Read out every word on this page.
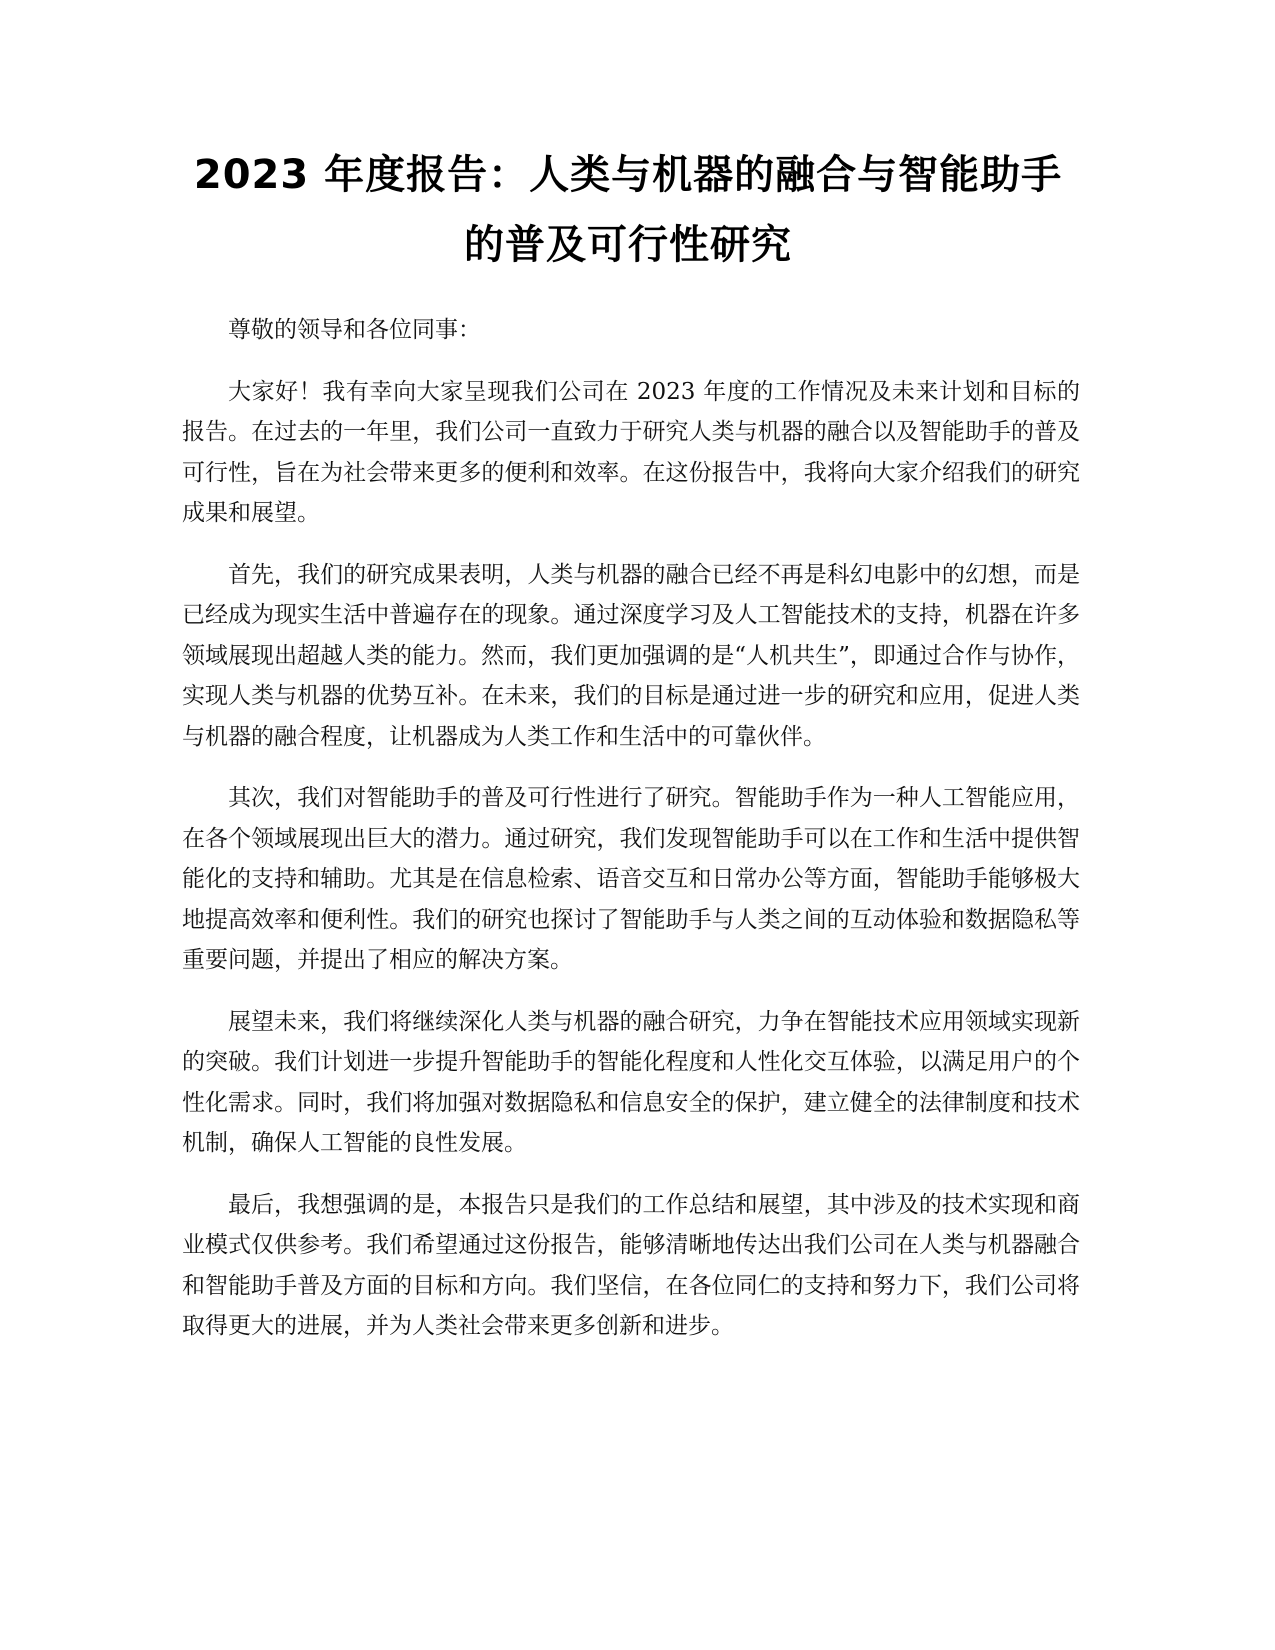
2023 年度报告：人类与机器的融合与智能助手的普及可行性研究

尊敬的领导和各位同事：

大家好！我有幸向大家呈现我们公司在 2023 年度的工作情况及未来计划和目标的报告。在过去的一年里，我们公司一直致力于研究人类与机器的融合以及智能助手的普及可行性，旨在为社会带来更多的便利和效率。在这份报告中，我将向大家介绍我们的研究成果和展望。

首先，我们的研究成果表明，人类与机器的融合已经不再是科幻电影中的幻想，而是已经成为现实生活中普遍存在的现象。通过深度学习及人工智能技术的支持，机器在许多领域展现出超越人类的能力。然而，我们更加强调的是“人机共生”，即通过合作与协作，实现人类与机器的优势互补。在未来，我们的目标是通过进一步的研究和应用，促进人类与机器的融合程度，让机器成为人类工作和生活中的可靠伙伴。

其次，我们对智能助手的普及可行性进行了研究。智能助手作为一种人工智能应用，在各个领域展现出巨大的潜力。通过研究，我们发现智能助手可以在工作和生活中提供智能化的支持和辅助。尤其是在信息检索、语音交互和日常办公等方面，智能助手能够极大地提高效率和便利性。我们的研究也探讨了智能助手与人类之间的互动体验和数据隐私等重要问题，并提出了相应的解决方案。

展望未来，我们将继续深化人类与机器的融合研究，力争在智能技术应用领域实现新的突破。我们计划进一步提升智能助手的智能化程度和人性化交互体验，以满足用户的个性化需求。同时，我们将加强对数据隐私和信息安全的保护，建立健全的法律制度和技术机制，确保人工智能的良性发展。

最后，我想强调的是，本报告只是我们的工作总结和展望，其中涉及的技术实现和商业模式仅供参考。我们希望通过这份报告，能够清晰地传达出我们公司在人类与机器融合和智能助手普及方面的目标和方向。我们坚信，在各位同仁的支持和努力下，我们公司将取得更大的进展，并为人类社会带来更多创新和进步。
